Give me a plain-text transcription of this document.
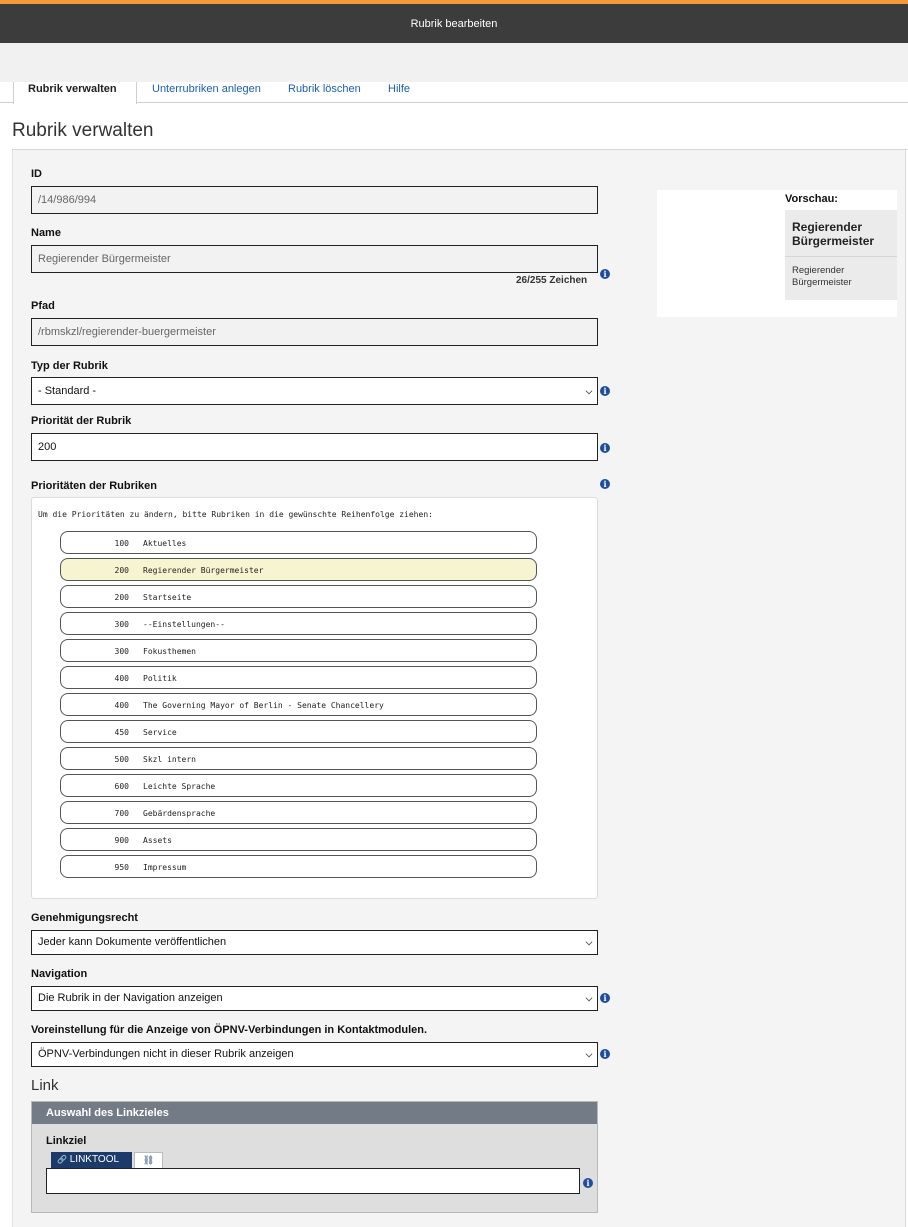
Rubrik bearbeiten
Rubrik verwalten	Unterrubriken anlegen Rubrik löschen Hilfe
Rubrik verwalten
ID
/14/986/994
Name
Regierender Bürgermeister
26/255 Zeichen
i
Pfad
/rbmskzl/regierender-buergermeister
Typ der Rubrik
- Standard -	i
Priorität der Rubrik
200	i
Prioritäten der Rubriken	i
Um die Prioritäten zu ändern, bitte Rubriken in die gewünschte Reihenfolge ziehen:
100 Aktuelles
200 Regierender Bürgermeister
200 Startseite
300 --Einstellungen--
300 Fokusthemen
400 Politik
400 The Governing Mayor of Berlin - Senate Chancellery
450 Service
500 Skzl intern
600 Leichte Sprache
700 Gebärdensprache
900 Assets
950 Impressum
Genehmigungsrecht
Jeder kann Dokumente veröffentlichen
Navigation
Die Rubrik in der Navigation anzeigen	i
Voreinstellung für die Anzeige von ÖPNV-Verbindungen in Kontaktmodulen.
ÖPNV-Verbindungen nicht in dieser Rubrik anzeigen	i
Vorschau:
Regierender Bürgermeister
Regierender Bürgermeister
Link
Auswahl des Linkzieles
Linkziel
🔗 LINKTOOL	⛓
i
